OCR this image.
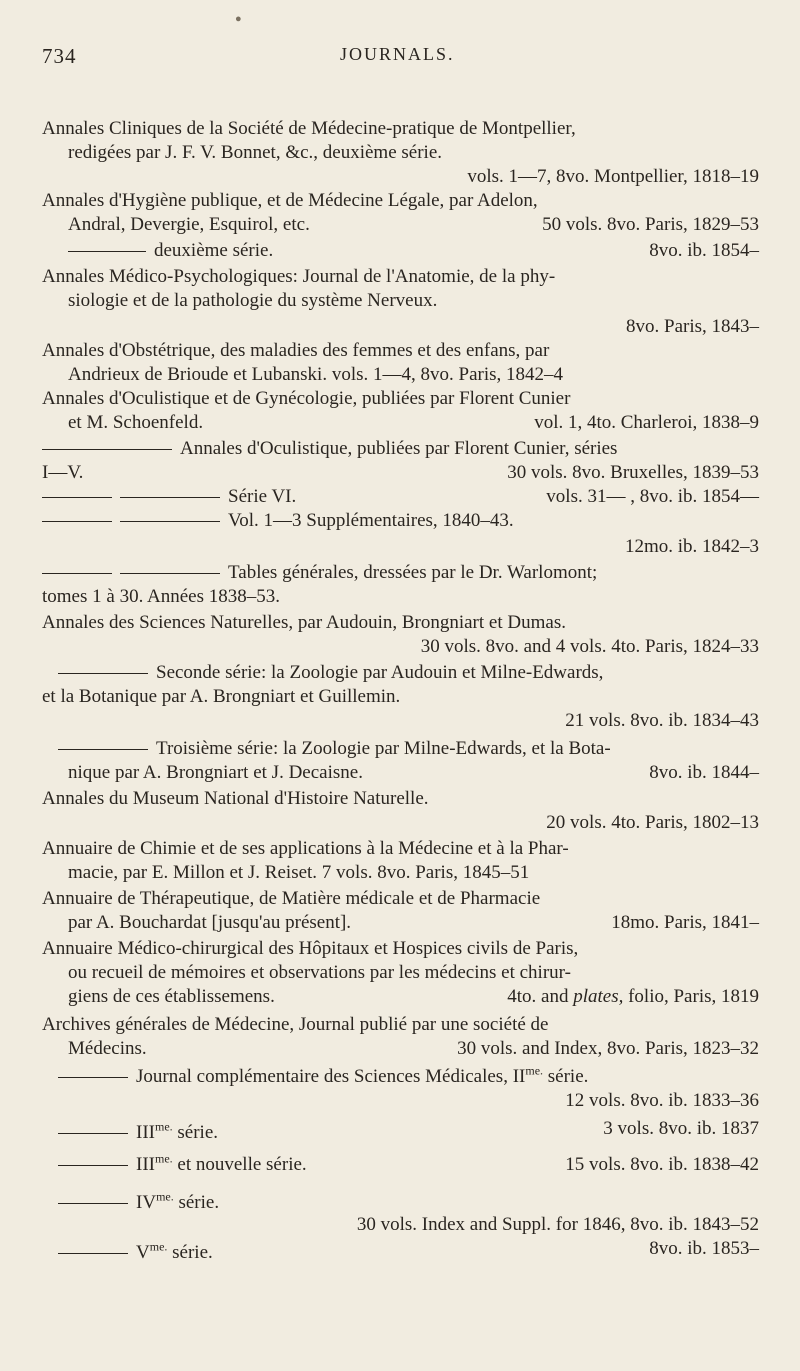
●
734	JOURNALS.
Annales Cliniques de la Société de Médecine-pratique de Montpellier,
redigées par J. F. V. Bonnet, &c., deuxième série.
vols. 1—7, 8vo. Montpellier, 1818–19
Annales d'Hygiène publique, et de Médecine Légale, par Adelon,
Andral, Devergie, Esquirol, etc.	50 vols. 8vo. Paris, 1829–53
deuxième série.	8vo. ib. 1854–
Annales Médico-Psychologiques: Journal de l'Anatomie, de la phy-
siologie et de la pathologie du système Nerveux.
8vo. Paris, 1843–
Annales d'Obstétrique, des maladies des femmes et des enfans, par
Andrieux de Brioude et Lubanski. vols. 1—4, 8vo. Paris, 1842–4
Annales d'Oculistique et de Gynécologie, publiées par Florent Cunier
et M. Schoenfeld.	vol. 1, 4to. Charleroi, 1838–9
Annales d'Oculistique, publiées par Florent Cunier, séries
I—V.	30 vols. 8vo. Bruxelles, 1839–53
Série VI.	vols. 31— , 8vo. ib. 1854—
Vol. 1—3 Supplémentaires, 1840–43.
12mo. ib. 1842–3
Tables générales, dressées par le Dr. Warlomont;
tomes 1 à 30. Années 1838–53.
Annales des Sciences Naturelles, par Audouin, Brongniart et Dumas.
30 vols. 8vo. and 4 vols. 4to. Paris, 1824–33
Seconde série: la Zoologie par Audouin et Milne-Edwards,
et la Botanique par A. Brongniart et Guillemin.
21 vols. 8vo. ib. 1834–43
Troisième série: la Zoologie par Milne-Edwards, et la Bota-
nique par A. Brongniart et J. Decaisne.	8vo. ib. 1844–
Annales du Museum National d'Histoire Naturelle.
20 vols. 4to. Paris, 1802–13
Annuaire de Chimie et de ses applications à la Médecine et à la Phar-
macie, par E. Millon et J. Reiset. 7 vols. 8vo. Paris, 1845–51
Annuaire de Thérapeutique, de Matière médicale et de Pharmacie
par A. Bouchardat [jusqu'au présent].	18mo. Paris, 1841–
Annuaire Médico-chirurgical des Hôpitaux et Hospices civils de Paris,
ou recueil de mémoires et observations par les médecins et chirur-
giens de ces établissemens.	4to. and plates, folio, Paris, 1819
Archives générales de Médecine, Journal publié par une société de
Médecins.	30 vols. and Index, 8vo. Paris, 1823–32
Journal complémentaire des Sciences Médicales, $II^{me.}$ série.
12 vols. 8vo. ib. 1833–36
$III^{me.}$ série.	3 vols. 8vo. ib. 1837
$III^{me.}$ et nouvelle série.	15 vols. 8vo. ib. 1838–42
$IV^{me.}$ série.
30 vols. Index and Suppl. for 1846, 8vo. ib. 1843–52
$V^{me.}$ série.	8vo. ib. 1853–
